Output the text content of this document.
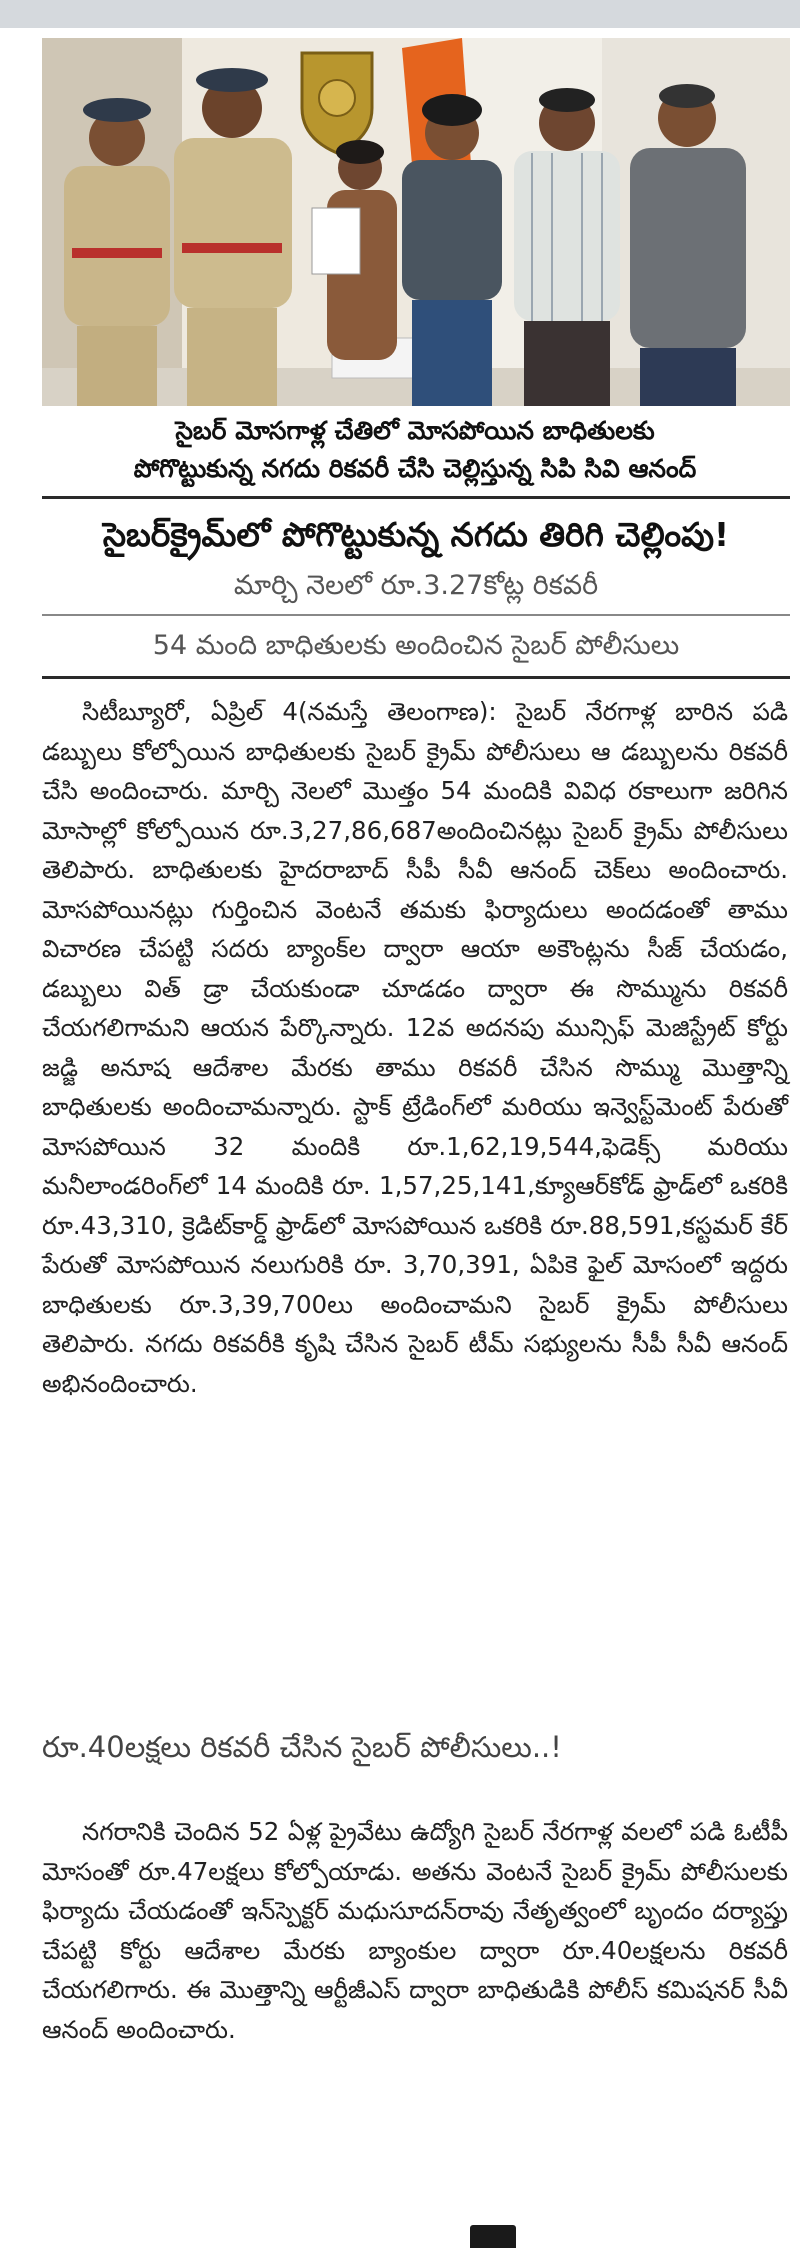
సైబర్ మోసగాళ్ల చేతిలో మోసపోయిన బాధితులకు
పోగొట్టుకున్న నగదు రికవరీ చేసి చెల్లిస్తున్న సిపి సివి ఆనంద్
సైబర్‌క్రైమ్‌లో పోగొట్టుకున్న నగదు తిరిగి చెల్లింపు!
మార్చి నెలలో రూ.3.27కోట్ల రికవరీ
54 మంది బాధితులకు అందించిన సైబర్ పోలీసులు

సిటీబ్యూరో, ఏప్రిల్ 4(నమస్తే తెలంగాణ): సైబర్ నేరగాళ్ల బారిన పడి డబ్బులు కోల్పోయిన బాధితులకు సైబర్ క్రైమ్ పోలీసులు ఆ డబ్బులను రికవరీ చేసి అందించారు. మార్చి నెలలో మొత్తం 54 మందికి వివిధ రకాలుగా జరిగిన మోసాల్లో కోల్పోయిన రూ.3,27,86,687అందించినట్లు సైబర్ క్రైమ్ పోలీసులు తెలిపారు. బాధితులకు హైదరాబాద్ సీపీ సీవీ ఆనంద్ చెక్‌లు అందించారు. మోసపోయినట్లు గుర్తించిన వెంటనే తమకు ఫిర్యాదులు అందడంతో తాము విచారణ చేపట్టి సదరు బ్యాంక్‌ల ద్వారా ఆయా అకౌంట్లను సీజ్ చేయడం, డబ్బులు విత్ డ్రా చేయకుండా చూడడం ద్వారా ఈ సొమ్మును రికవరీ చేయగలిగామని ఆయన పేర్కొన్నారు. 12వ అదనపు మున్సిఫ్ మెజిస్ట్రేట్ కోర్టు జడ్జి అనూష ఆదేశాల మేరకు తాము రికవరీ చేసిన సొమ్ము మొత్తాన్ని బాధితులకు అందించామన్నారు. స్టాక్ ట్రేడింగ్‌లో మరియు ఇన్వెస్ట్‌మెంట్ పేరుతో మోసపోయిన 32 మందికి రూ.1,62,19,544,ఫెడెక్స్ మరియు మనీలాండరింగ్‌లో 14 మందికి రూ. 1,57,25,141,క్యూఆర్‌కోడ్ ఫ్రాడ్‌లో ఒకరికి రూ.43,310, క్రెడిట్‌కార్డ్ ఫ్రాడ్‌లో మోసపోయిన ఒకరికి రూ.88,591,కస్టమర్ కేర్ పేరుతో మోసపోయిన నలుగురికి రూ. 3,70,391, ఏపికె ఫైల్ మోసంలో ఇద్దరు బాధితులకు రూ.3,39,700లు అందించామని సైబర్ క్రైమ్ పోలీసులు తెలిపారు. నగదు రికవరీకి కృషి చేసిన సైబర్ టీమ్ సభ్యులను సీపీ సీవీ ఆనంద్ అభినందించారు.

రూ.40లక్షలు రికవరీ చేసిన సైబర్ పోలీసులు..!

నగరానికి చెందిన 52 ఏళ్ల ప్రైవేటు ఉద్యోగి సైబర్ నేరగాళ్ల వలలో పడి ఓటీపీ మోసంతో రూ.47లక్షలు కోల్పోయాడు. అతను వెంటనే సైబర్ క్రైమ్ పోలీసులకు ఫిర్యాదు చేయడంతో ఇన్‌స్పెక్టర్ మధుసూదన్‌రావు నేతృత్వంలో బృందం దర్యాప్తు చేపట్టి కోర్టు ఆదేశాల మేరకు బ్యాంకుల ద్వారా రూ.40లక్షలను రికవరీ చేయగలిగారు. ఈ మొత్తాన్ని ఆర్టీజీఎస్ ద్వారా బాధితుడికి పోలీస్ కమిషనర్ సీవీ ఆనంద్ అందించారు.
